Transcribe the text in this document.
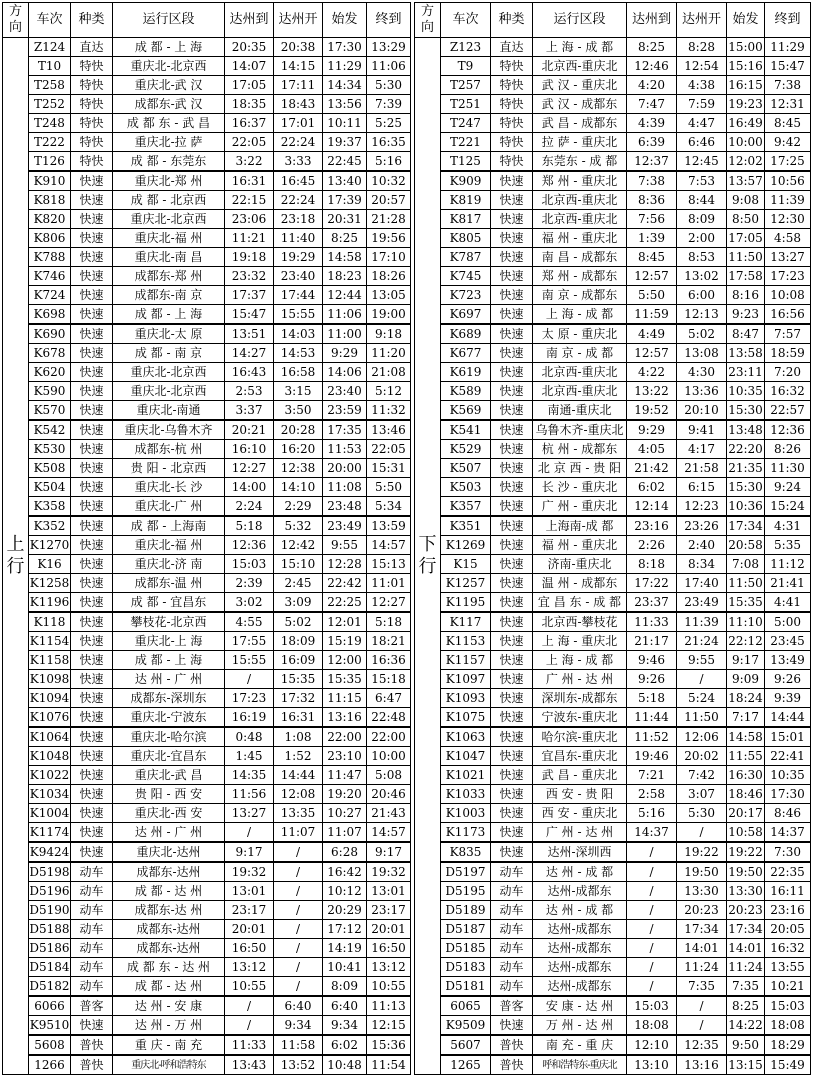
方向	车次	种类	运行区段	达州到	达州开	始发	终到
上行	Z124	直达	成 都 - 上 海	20:35	20:38	17:30	13:29
	T10	特快	重庆北-北京西	14:07	14:15	11:29	11:06
	T258	特快	重庆北-武 汉	17:05	17:11	14:34	5:30
	T252	特快	成都东-武 汉	18:35	18:43	13:56	7:39
	T248	特快	成 都 东 - 武 昌	16:37	17:01	10:11	5:25
	T222	特快	重庆北-拉 萨	22:05	22:24	19:37	16:35
	T126	特快	成 都 - 东莞东	3:22	3:33	22:45	5:16
	K910	快速	重庆北-郑 州	16:31	16:45	13:40	10:32
	K818	快速	成 都 - 北京西	22:15	22:24	17:39	20:57
	K820	快速	重庆北-北京西	23:06	23:18	20:31	21:28
	K806	快速	重庆北-福 州	11:21	11:40	8:25	19:56
	K788	快速	重庆北-南 昌	19:18	19:29	14:58	17:10
	K746	快速	成都东-郑 州	23:32	23:40	18:23	18:26
	K724	快速	成都东-南 京	17:37	17:44	12:44	13:05
	K698	快速	成 都 - 上 海	15:47	15:55	11:06	19:00
	K690	快速	重庆北-太 原	13:51	14:03	11:00	9:18
	K678	快速	成 都 - 南 京	14:27	14:53	9:29	11:20
	K620	快速	重庆北-北京西	16:43	16:58	14:06	21:08
	K590	快速	重庆北-北京西	2:53	3:15	23:40	5:12
	K570	快速	重庆北-南通	3:37	3:50	23:59	11:32
	K542	快速	重庆北-乌鲁木齐	20:21	20:28	17:35	13:46
	K530	快速	成都东-杭 州	16:10	16:20	11:53	22:05
	K508	快速	贵 阳 - 北京西	12:27	12:38	20:00	15:31
	K504	快速	重庆北-长 沙	14:00	14:10	11:08	5:50
	K358	快速	重庆北-广 州	2:24	2:29	23:48	5:34
	K352	快速	成 都 - 上海南	5:18	5:32	23:49	13:59
	K1270	快速	重庆北-福 州	12:36	12:42	9:55	14:57
	K16	快速	重庆北-济 南	15:03	15:10	12:28	15:13
	K1258	快速	成都东-温 州	2:39	2:45	22:42	11:01
	K1196	快速	成 都 - 宜昌东	3:02	3:09	22:25	12:27
	K118	快速	攀枝花-北京西	4:55	5:02	12:01	5:18
	K1154	快速	重庆北-上 海	17:55	18:09	15:19	18:21
	K1158	快速	成 都 - 上 海	15:55	16:09	12:00	16:36
	K1098	快速	达 州 - 广 州	/	15:35	15:35	15:18
	K1094	快速	成都东-深圳东	17:23	17:32	11:15	6:47
	K1076	快速	重庆北-宁波东	16:19	16:31	13:16	22:48
	K1064	快速	重庆北-哈尔滨	0:48	1:08	22:00	22:00
	K1048	快速	重庆北-宜昌东	1:45	1:52	23:10	10:00
	K1022	快速	重庆北-武 昌	14:35	14:44	11:47	5:08
	K1034	快速	贵 阳 - 西 安	11:56	12:08	19:20	20:46
	K1004	快速	重庆北-西 安	13:27	13:35	10:27	21:43
	K1174	快速	达 州 - 广 州	/	11:07	11:07	14:57
	K9424	快速	重庆北-达州	9:17	/	6:28	9:17
	D5198	动车	成都东-达州	19:32	/	16:42	19:32
	D5196	动车	成 都 - 达 州	13:01	/	10:12	13:01
	D5190	动车	成都东-达 州	23:17	/	20:29	23:17
	D5188	动车	成都东-达州	20:01	/	17:12	20:01
	D5186	动车	成都东-达州	16:50	/	14:19	16:50
	D5184	动车	成 都 东 - 达 州	13:12	/	10:41	13:12
	D5182	动车	成 都 - 达 州	10:55	/	8:09	10:55
	6066	普客	达 州 - 安 康	/	6:40	6:40	11:13
	K9510	快速	达 州 - 万 州	/	9:34	9:34	12:15
	5608	普快	重 庆 - 南 充	11:33	11:58	6:02	15:36
	1266	普快	重庆北-呼和浩特东	13:43	13:52	10:48	11:54
方向	车次	种类	运行区段	达州到	达州开	始发	终到
下行	Z123	直达	上 海 - 成 都	8:25	8:28	15:00	11:29
	T9	特快	北京西-重庆北	12:46	12:54	15:16	15:47
	T257	特快	武 汉 - 重庆北	4:20	4:38	16:15	7:38
	T251	特快	武 汉 - 成都东	7:47	7:59	19:23	12:31
	T247	特快	武 昌 - 成都东	4:39	4:47	16:49	8:45
	T221	特快	拉 萨 - 重庆北	6:39	6:46	10:00	9:42
	T125	特快	东莞东 - 成 都	12:37	12:45	12:02	17:25
	K909	快速	郑 州 - 重庆北	7:38	7:53	13:57	10:56
	K819	快速	北京西-重庆北	8:36	8:44	9:08	11:39
	K817	快速	北京西-重庆北	7:56	8:09	8:50	12:30
	K805	快速	福 州 - 重庆北	1:39	2:00	17:05	4:58
	K787	快速	南 昌 - 成都东	8:45	8:53	11:50	13:27
	K745	快速	郑 州 - 成都东	12:57	13:02	17:58	17:23
	K723	快速	南 京 - 成都东	5:50	6:00	8:16	10:08
	K697	快速	上 海 - 成 都	11:59	12:13	9:23	16:56
	K689	快速	太 原 - 重庆北	4:49	5:02	8:47	7:57
	K677	快速	南 京 - 成 都	12:57	13:08	13:58	18:59
	K619	快速	北京西-重庆北	4:22	4:30	23:11	7:20
	K589	快速	北京西-重庆北	13:22	13:36	10:35	16:32
	K569	快速	南通-重庆北	19:52	20:10	15:30	22:57
	K541	快速	乌鲁木齐-重庆北	9:29	9:41	13:48	12:36
	K529	快速	杭 州 - 成都东	4:05	4:17	22:20	8:26
	K507	快速	北 京 西 - 贵 阳	21:42	21:58	21:35	11:30
	K503	快速	长 沙 - 重庆北	6:02	6:15	15:30	9:24
	K357	快速	广 州 - 重庆北	12:14	12:23	10:36	15:24
	K351	快速	上海南-成 都	23:16	23:26	17:34	4:31
	K1269	快速	福 州 - 重庆北	2:26	2:40	20:58	5:35
	K15	快速	济南-重庆北	8:18	8:34	7:08	11:12
	K1257	快速	温 州 - 成都东	17:22	17:40	11:50	21:41
	K1195	快速	宜 昌 东 - 成 都	23:37	23:49	15:35	4:41
	K117	快速	北京西-攀枝花	11:33	11:39	11:10	5:00
	K1153	快速	上 海 - 重庆北	21:17	21:24	22:12	23:45
	K1157	快速	上 海 - 成 都	9:46	9:55	9:17	13:49
	K1097	快速	广 州 - 达 州	9:26	/	9:09	9:26
	K1093	快速	深圳东-成都东	5:18	5:24	18:24	9:39
	K1075	快速	宁波东-重庆北	11:44	11:50	7:17	14:44
	K1063	快速	哈尔滨-重庆北	11:52	12:06	14:58	15:01
	K1047	快速	宜昌东-重庆北	19:46	20:02	11:55	22:41
	K1021	快速	武 昌 - 重庆北	7:21	7:42	16:30	10:35
	K1033	快速	西 安 - 贵 阳	2:58	3:07	18:46	17:30
	K1003	快速	西 安 - 重庆北	5:16	5:30	20:17	8:46
	K1173	快速	广 州 - 达 州	14:37	/	10:58	14:37
	K835	快速	达州-深圳西	/	19:22	19:22	7:30
	D5197	动车	达 州 - 成 都	/	19:50	19:50	22:35
	D5195	动车	达州-成都东	/	13:30	13:30	16:11
	D5189	动车	达 州 - 成 都	/	20:23	20:23	23:16
	D5187	动车	达州-成都东	/	17:34	17:34	20:05
	D5185	动车	达州-成都东	/	14:01	14:01	16:32
	D5183	动车	达州-成都东	/	11:24	11:24	13:55
	D5181	动车	达州-成都东	/	7:35	7:35	10:21
	6065	普客	安 康 - 达 州	15:03	/	8:25	15:03
	K9509	快速	万 州 - 达 州	18:08	/	14:22	18:08
	5607	普快	南 充 - 重 庆	12:10	12:35	9:50	18:29
	1265	普快	呼和浩特东-重庆北	13:10	13:16	13:15	15:49
